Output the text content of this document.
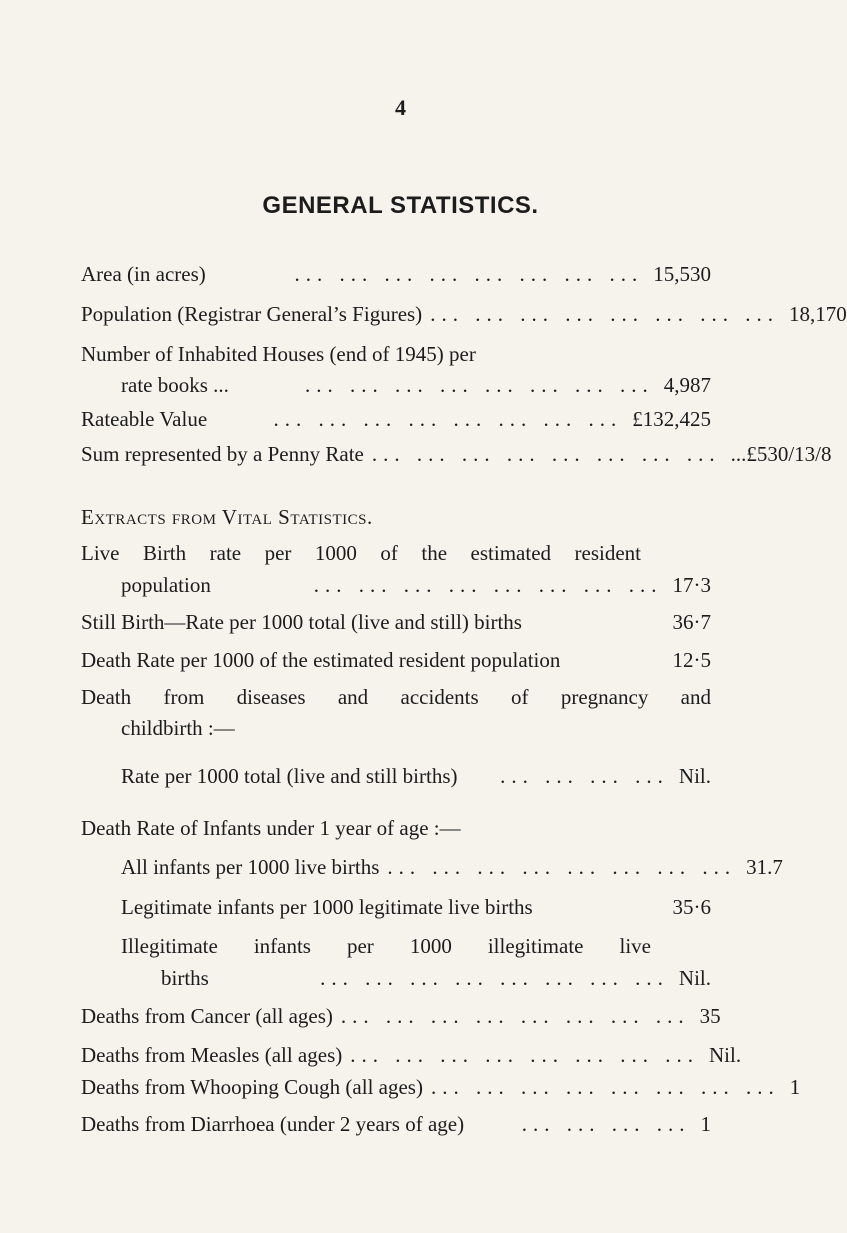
4
GENERAL STATISTICS.
Area (in acres)	... ... ... ... ... ... ... ... 15,530
Population (Registrar General’s Figures) ... ... ... ... ... ... ... ... 18,170
Number of Inhabited Houses (end of 1945) per
rate books ...	... ... ... ... ... ... ... ... 4,987
Rateable Value	... ... ... ... ... ... ... ... £132,425
Sum represented by a Penny Rate ... ... ... ... ... ... ... ... ...£530/13/8
Extracts from Vital Statistics.
Live Birth rate per 1000 of the estimated resident
population	... ... ... ... ... ... ... ... 17·3
Still Birth—Rate per 1000 total (live and still) births	36·7
Death Rate per 1000 of the estimated resident population	12·5
Death from diseases and accidents of pregnancy and
childbirth :—
Rate per 1000 total (live and still births)	... ... ... ... Nil.
Death Rate of Infants under 1 year of age :—
All infants per 1000 live births ... ... ... ... ... ... ... ... 31.7
Legitimate infants per 1000 legitimate live births	35·6
Illegitimate infants per 1000 illegitimate live
births	... ... ... ... ... ... ... ... Nil.
Deaths from Cancer (all ages) ... ... ... ... ... ... ... ... 35
Deaths from Measles (all ages) ... ... ... ... ... ... ... ... Nil.
Deaths from Whooping Cough (all ages) ... ... ... ... ... ... ... ... 1
Deaths from Diarrhoea (under 2 years of age)	... ... ... ... 1
